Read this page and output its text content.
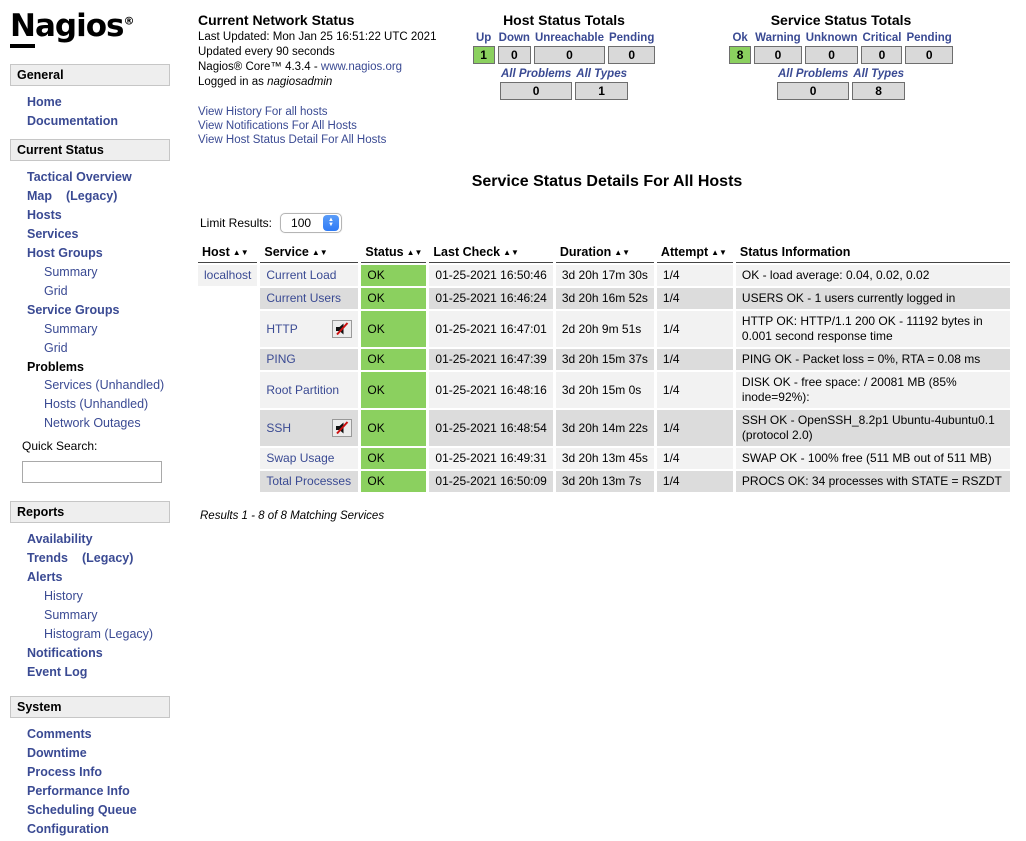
Nagios®
General
Home
Documentation
Current Status
Tactical Overview
Map (Legacy)
Hosts
Services
Host Groups
Summary
Grid
Service Groups
Summary
Grid
Problems
Services (Unhandled)
Hosts (Unhandled)
Network Outages
Quick Search:
Reports
Availability
Trends (Legacy)
Alerts
History
Summary
Histogram (Legacy)
Notifications
Event Log
System
Comments
Downtime
Process Info
Performance Info
Scheduling Queue
Configuration
Current Network Status
Last Updated: Mon Jan 25 16:51:22 UTC 2021
Updated every 90 seconds
Nagios® Core™ 4.3.4 - www.nagios.org
Logged in as nagiosadmin
View History For all hosts
View Notifications For All Hosts
View Host Status Detail For All Hosts
Host Status Totals
Up	Down	Unreachable	Pending
1	0	0	0
All Problems	All Types
0	1
Service Status Totals
Ok	Warning	Unknown	Critical	Pending
8	0	0	0	0
All Problems	All Types
0	8
Service Status Details For All Hosts
Limit Results: 100	▲
▼
Host ▲▼	Service ▲▼	Status ▲▼	Last Check ▲▼	Duration ▲▼	Attempt ▲▼	Status Information
localhost	Current Load	OK	01-25-2021 16:50:46	3d 20h 17m 30s	1/4	OK - load average: 0.04, 0.02, 0.02
	Current Users	OK	01-25-2021 16:46:24	3d 20h 16m 52s	1/4	USERS OK - 1 users currently logged in

	HTTP	OK	01-25-2021 16:47:01	2d 20h 9m 51s	1/4	HTTP OK: HTTP/1.1 200 OK - 11192 bytes in 0.001 second response time
	PING	OK	01-25-2021 16:47:39	3d 20h 15m 37s	1/4	PING OK - Packet loss = 0%, RTA = 0.08 ms
	Root Partition	OK	01-25-2021 16:48:16	3d 20h 15m 0s	1/4	DISK OK - free space: / 20081 MB (85% inode=92%):

	SSH	OK	01-25-2021 16:48:54	3d 20h 14m 22s	1/4	SSH OK - OpenSSH_8.2p1 Ubuntu-4ubuntu0.1 (protocol 2.0)
	Swap Usage	OK	01-25-2021 16:49:31	3d 20h 13m 45s	1/4	SWAP OK - 100% free (511 MB out of 511 MB)
	Total Processes	OK	01-25-2021 16:50:09	3d 20h 13m 7s	1/4	PROCS OK: 34 processes with STATE = RSZDT
Results 1 - 8 of 8 Matching Services
